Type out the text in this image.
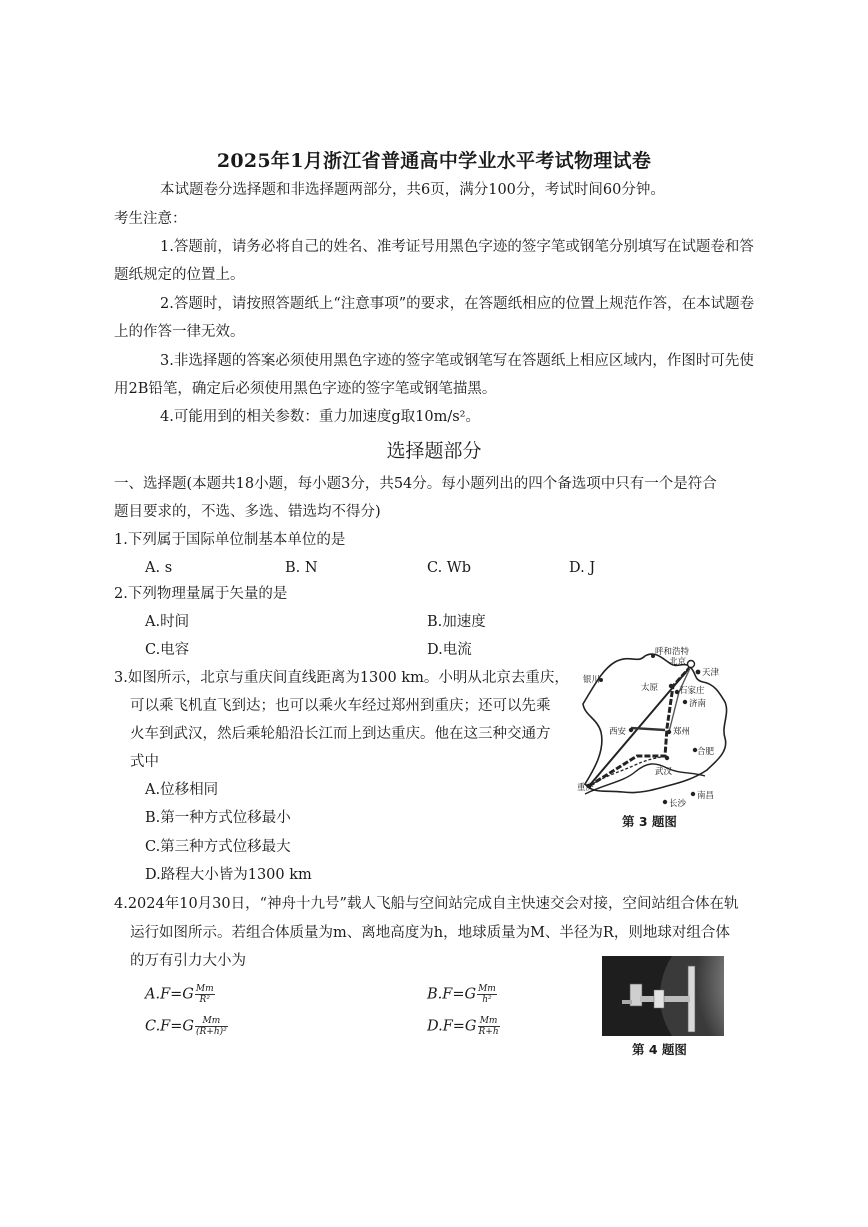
2025年1月浙江省普通高中学业水平考试物理试卷
本试题卷分选择题和非选择题两部分，共6页，满分100分，考试时间60分钟。
考生注意：
1.答题前，请务必将自己的姓名、准考证号用黑色字迹的签字笔或钢笔分别填写在试题卷和答
题纸规定的位置上。
2.答题时，请按照答题纸上“注意事项”的要求，在答题纸相应的位置上规范作答，在本试题卷
上的作答一律无效。
3.非选择题的答案必须使用黑色字迹的签字笔或钢笔写在答题纸上相应区域内，作图时可先使
用2B铅笔，确定后必须使用黑色字迹的签字笔或钢笔描黑。
4.可能用到的相关参数：重力加速度g取10m/s²。
选择题部分
一、选择题(本题共18小题，每小题3分，共54分。每小题列出的四个备选项中只有一个是符合
题目要求的，不选、多选、错选均不得分)
1.下列属于国际单位制基本单位的是
A. s	B. N	C. Wb	D. J
2.下列物理量属于矢量的是
A.时间	B.加速度
C.电容	D.电流
3.如图所示，北京与重庆间直线距离为1300 km。小明从北京去重庆，
可以乘飞机直飞到达；也可以乘火车经过郑州到重庆；还可以先乘
火车到武汉，然后乘轮船沿长江而上到达重庆。他在这三种交通方
式中
A.位移相同
B.第一种方式位移最小
C.第三种方式位移最大
D.路程大小皆为1300 km
呼和浩特
北京
天津
银川
太原 石家庄
济南
西安	郑州
合肥
武汉
重庆
长沙
南昌
第 3 题图
4.2024年10月30日，“神舟十九号”载人飞船与空间站完成自主快速交会对接，空间站组合体在轨
运行如图所示。若组合体质量为m、离地高度为h，地球质量为M、半径为R，则地球对组合体
的万有引力大小为
$A.F=G \frac{Mm}{\text{R²}}$	$B.F=G \frac{Mm}{\text{h²}}$
$C.F=G \frac{Mm}{\text{(R+h)²}}$	$D.F=G \frac{Mm}{R+h}$
第 4 题图
